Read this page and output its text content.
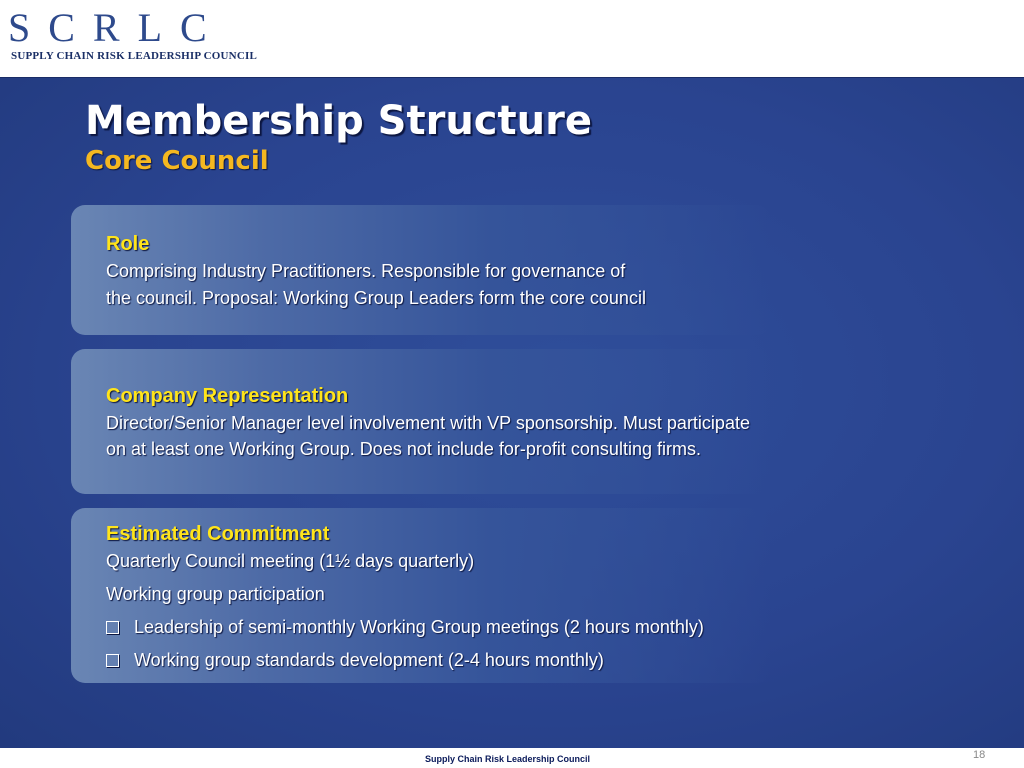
SCRLC

SUPPLY CHAIN RISK LEADERSHIP COUNCIL

Membership Structure
Core Council

Role

Comprising Industry Practitioners. Responsible for governance of

the council. Proposal: Working Group Leaders form the core council

Company Representation

Director/Senior Manager level involvement with VP sponsorship. Must participate

on at least one Working Group. Does not include for-profit consulting firms.

Estimated Commitment

Quarterly Council meeting (1½ days quarterly)

Working group participation

Leadership of semi-monthly Working Group meetings (2 hours monthly)

Working group standards development (2-4 hours monthly)

Supply Chain Risk Leadership Council	18
